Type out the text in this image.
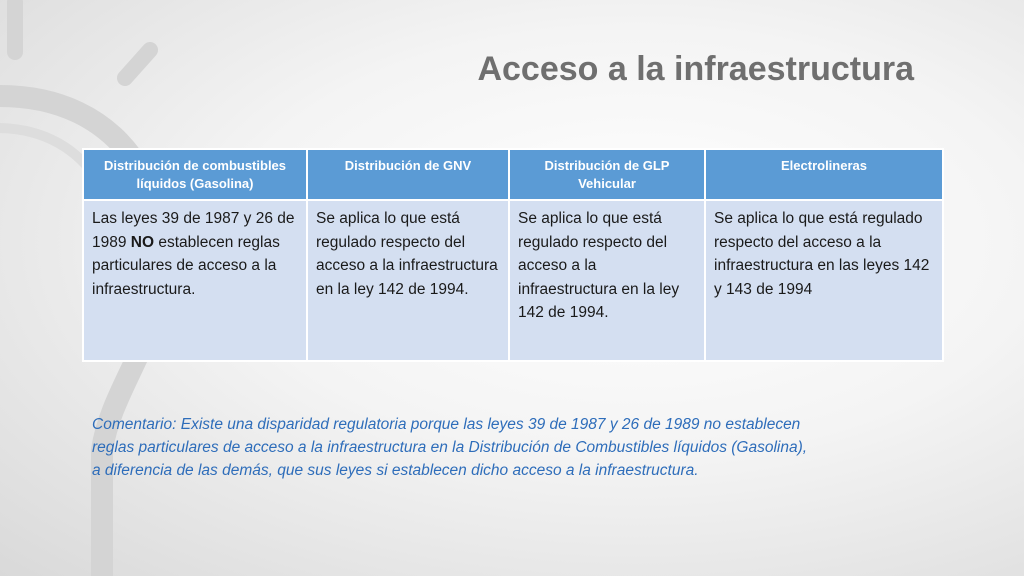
Acceso a la infraestructura
Distribución de combustibles líquidos (Gasolina)	Distribución de GNV	Distribución de GLP Vehicular	Electrolineras
Las leyes 39 de 1987 y 26 de 1989 NO establecen reglas particulares de acceso a la infraestructura.	Se aplica lo que está regulado respecto del acceso a la infraestructura en la ley 142 de 1994.	Se aplica lo que está regulado respecto del acceso a la infraestructura en la ley 142 de 1994.	Se aplica lo que está regulado respecto del acceso a la infraestructura en las leyes 142 y 143 de 1994

Comentario: Existe una disparidad regulatoria porque las leyes 39 de 1987 y 26 de 1989 no establecen
reglas particulares de acceso a la infraestructura en la Distribución de Combustibles líquidos (Gasolina),
a diferencia de las demás, que sus leyes si establecen dicho acceso a la infraestructura.
